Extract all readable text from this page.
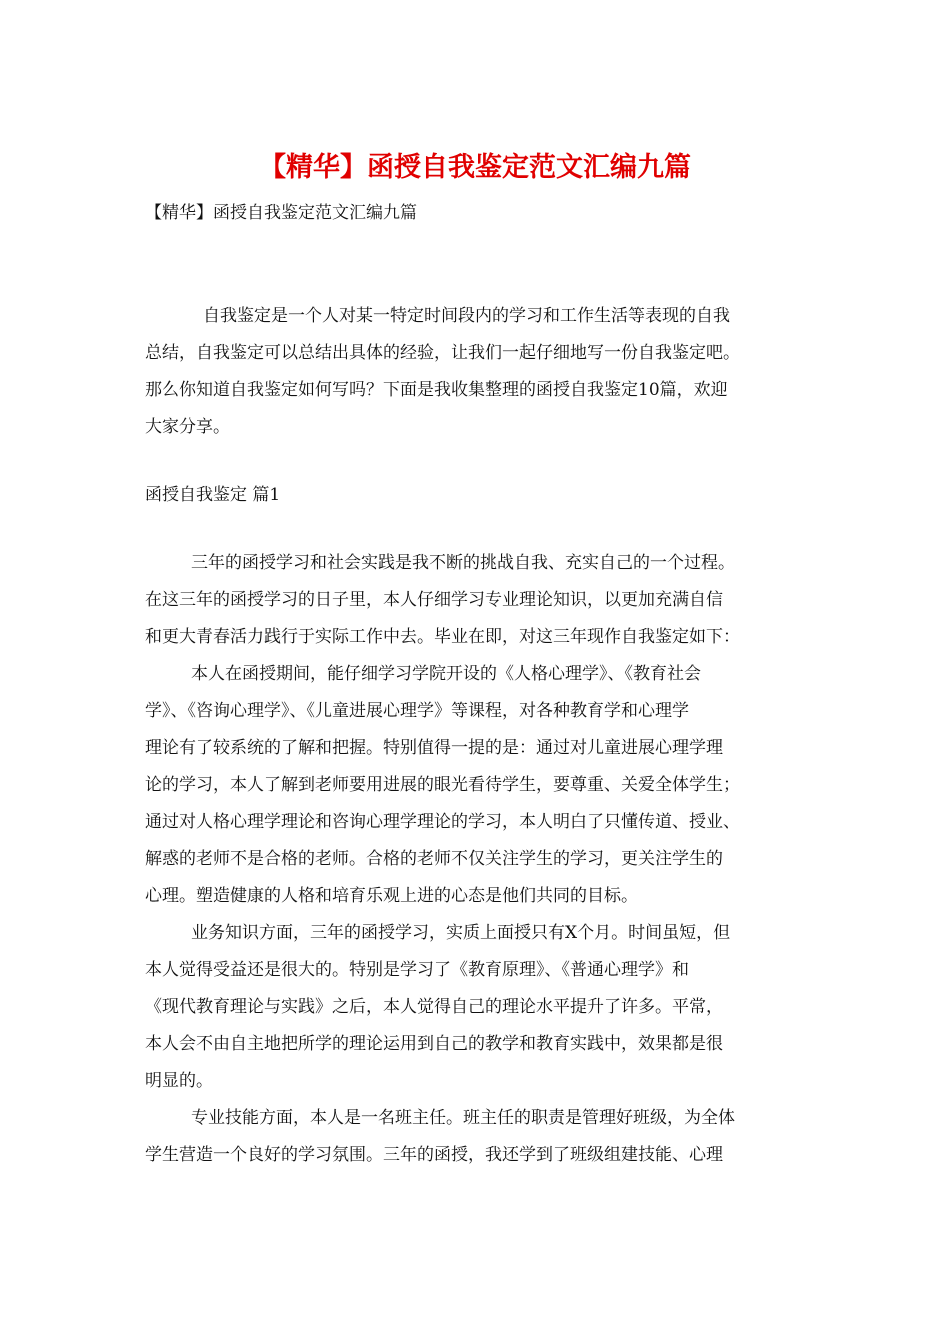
【精华】函授自我鉴定范文汇编九篇

【精华】函授自我鉴定范文汇编九篇

自我鉴定是一个人对某一特定时间段内的学习和工作生活等表现的自我
总结，自我鉴定可以总结出具体的经验，让我们一起仔细地写一份自我鉴定吧。
那么你知道自我鉴定如何写吗？下面是我收集整理的函授自我鉴定10篇，欢迎
大家分享。

函授自我鉴定 篇1

三年的函授学习和社会实践是我不断的挑战自我、充实自己的一个过程。
在这三年的函授学习的日子里，本人仔细学习专业理论知识，以更加充满自信
和更大青春活力践行于实际工作中去。毕业在即，对这三年现作自我鉴定如下：
本人在函授期间，能仔细学习学院开设的《人格心理学》、《教育社会
学》、《咨询心理学》、《儿童进展心理学》等课程，对各种教育学和心理学
理论有了较系统的了解和把握。特别值得一提的是：通过对儿童进展心理学理
论的学习，本人了解到老师要用进展的眼光看待学生，要尊重、关爱全体学生；
通过对人格心理学理论和咨询心理学理论的学习，本人明白了只懂传道、授业、
解惑的老师不是合格的老师。合格的老师不仅关注学生的学习，更关注学生的
心理。塑造健康的人格和培育乐观上进的心态是他们共同的目标。
业务知识方面，三年的函授学习，实质上面授只有X个月。时间虽短，但
本人觉得受益还是很大的。特别是学习了《教育原理》、《普通心理学》和
《现代教育理论与实践》之后，本人觉得自己的理论水平提升了许多。平常，
本人会不由自主地把所学的理论运用到自己的教学和教育实践中，效果都是很
明显的。
专业技能方面，本人是一名班主任。班主任的职责是管理好班级，为全体
学生营造一个良好的学习氛围。三年的函授，我还学到了班级组建技能、心理
